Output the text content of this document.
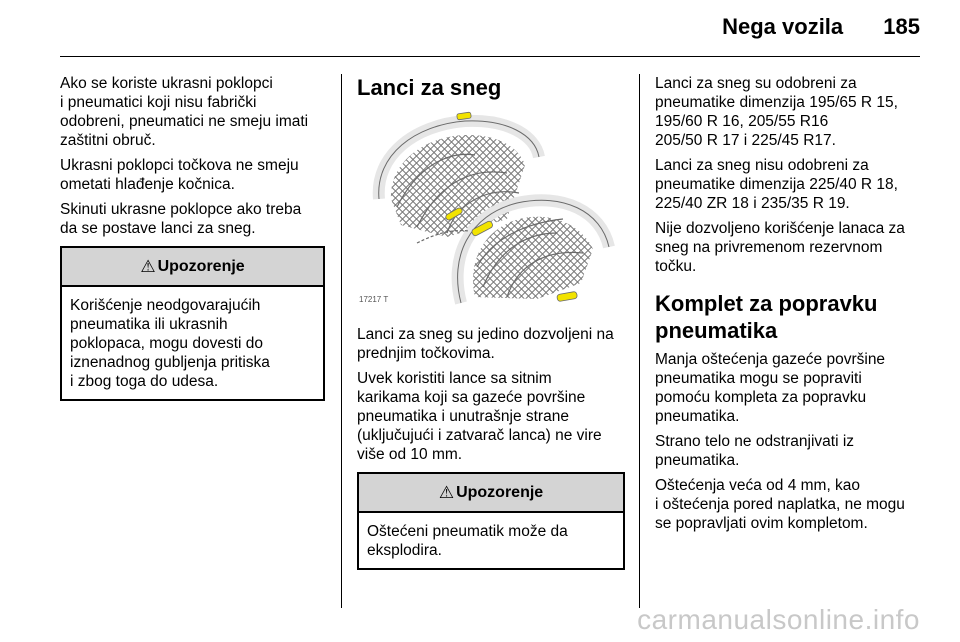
Nega vozila 185

Ako se koriste ukrasni poklopci
i pneumatici koji nisu fabrički
odobreni, pneumatici ne smeju imati
zaštitni obruč.

Ukrasni poklopci točkova ne smeju
ometati hlađenje kočnica.

Skinuti ukrasne poklopce ako treba
da se postave lanci za sneg.

⚠ Upozorenje
Korišćenje neodgovarajućih
pneumatika ili ukrasnih
poklopaca, mogu dovesti do
iznenadnog gubljenja pritiska
i zbog toga do udesa.
Lanci za sneg
17217 T

Lanci za sneg su jedino dozvoljeni na
prednjim točkovima.

Uvek koristiti lance sa sitnim
karikama koji sa gazeće površine
pneumatika i unutrašnje strane
(uključujući i zatvarač lanca) ne vire
više od 10 mm.

⚠ Upozorenje
Oštećeni pneumatik može da
eksplodira.

Lanci za sneg su odobreni za
pneumatike dimenzija 195/65 R 15,
195/60 R 16, 205/55 R16
205/50 R 17 i 225/45 R17.

Lanci za sneg nisu odobreni za
pneumatike dimenzija 225/40 R 18,
225/40 ZR 18 i 235/35 R 19.

Nije dozvoljeno korišćenje lanaca za
sneg na privremenom rezervnom
točku.

Komplet za popravku
pneumatika

Manja oštećenja gazeće površine
pneumatika mogu se popraviti
pomoću kompleta za popravku
pneumatika.

Strano telo ne odstranjivati iz
pneumatika.

Oštećenja veća od 4 mm, kao
i oštećenja pored naplatka, ne mogu
se popravljati ovim kompletom.

carmanualsonline.info
